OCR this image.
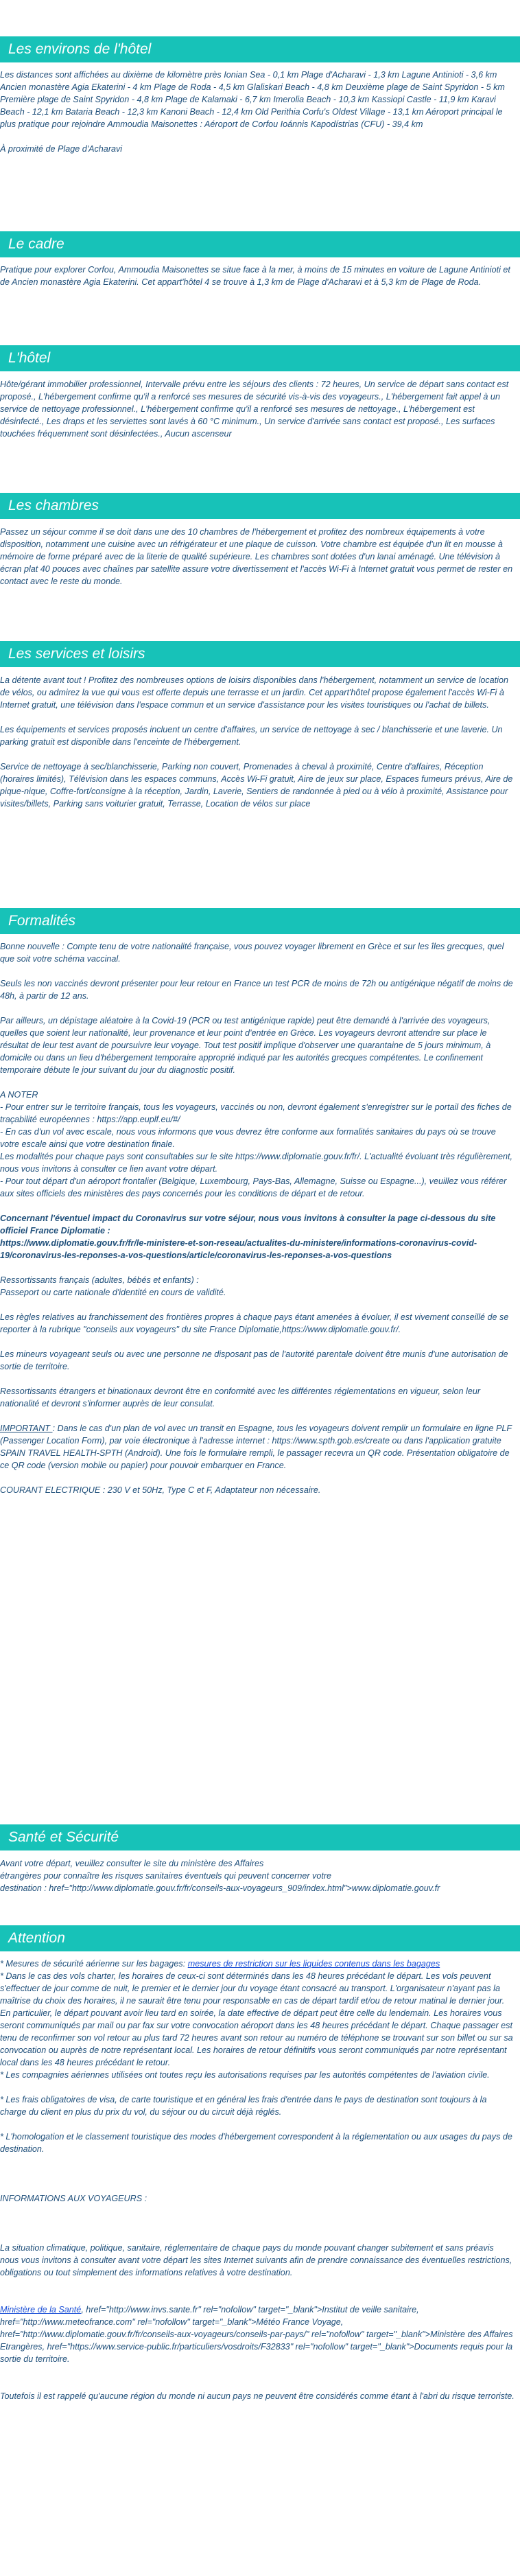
Les environs de l'hôtel

Les distances sont affichées au dixième de kilomètre près Ionian Sea - 0,1 km Plage d'Acharavi - 1,3 km Lagune Antinioti - 3,6 km Ancien monastère Agia Ekaterini - 4 km Plage de Roda - 4,5 km Glaliskari Beach - 4,8 km Deuxième plage de Saint Spyridon - 5 km Première plage de Saint Spyridon - 4,8 km Plage de Kalamaki - 6,7 km Imerolia Beach - 10,3 km Kassiopi Castle - 11,9 km Karavi Beach - 12,1 km Bataria Beach - 12,3 km Kanoni Beach - 12,4 km Old Perithia Corfu's Oldest Village - 13,1 km Aéroport principal le plus pratique pour rejoindre Ammoudia Maisonettes : Aéroport de Corfou Ioánnis Kapodístrias (CFU) - 39,4 km

À proximité de Plage d'Acharavi

Le cadre

Pratique pour explorer Corfou, Ammoudia Maisonettes se situe face à la mer, à moins de 15 minutes en voiture de Lagune Antinioti et de Ancien monastère Agia Ekaterini. Cet appart'hôtel 4 se trouve à 1,3 km de Plage d'Acharavi et à 5,3 km de Plage de Roda.

L'hôtel

Hôte/gérant immobilier professionnel, Intervalle prévu entre les séjours des clients : 72 heures, Un service de départ sans contact est proposé., L'hébergement confirme qu'il a renforcé ses mesures de sécurité vis-à-vis des voyageurs., L'hébergement fait appel à un service de nettoyage professionnel., L'hébergement confirme qu'il a renforcé ses mesures de nettoyage., L'hébergement est désinfecté., Les draps et les serviettes sont lavés à 60 °C minimum., Un service d'arrivée sans contact est proposé., Les surfaces touchées fréquemment sont désinfectées., Aucun ascenseur

Les chambres

Passez un séjour comme il se doit dans une des 10 chambres de l'hébergement et profitez des nombreux équipements à votre disposition, notamment une cuisine avec un réfrigérateur et une plaque de cuisson. Votre chambre est équipée d'un lit en mousse à mémoire de forme préparé avec de la literie de qualité supérieure. Les chambres sont dotées d'un lanai aménagé. Une télévision à écran plat 40 pouces avec chaînes par satellite assure votre divertissement et l'accès Wi-Fi à Internet gratuit vous permet de rester en contact avec le reste du monde.

Les services et loisirs

La détente avant tout ! Profitez des nombreuses options de loisirs disponibles dans l'hébergement, notamment un service de location de vélos, ou admirez la vue qui vous est offerte depuis une terrasse et un jardin. Cet appart'hôtel propose également l'accès Wi-Fi à Internet gratuit, une télévision dans l'espace commun et un service d'assistance pour les visites touristiques ou l'achat de billets.

Les équipements et services proposés incluent un centre d'affaires, un service de nettoyage à sec / blanchisserie et une laverie. Un parking gratuit est disponible dans l'enceinte de l'hébergement.

Service de nettoyage à sec/blanchisserie, Parking non couvert, Promenades à cheval à proximité, Centre d'affaires, Réception (horaires limités), Télévision dans les espaces communs, Accès Wi-Fi gratuit, Aire de jeux sur place, Espaces fumeurs prévus, Aire de pique-nique, Coffre-fort/consigne à la réception, Jardin, Laverie, Sentiers de randonnée à pied ou à vélo à proximité, Assistance pour visites/billets, Parking sans voiturier gratuit, Terrasse, Location de vélos sur place

Formalités

Bonne nouvelle : Compte tenu de votre nationalité française, vous pouvez voyager librement en Grèce et sur les îles grecques, quel que soit votre schéma vaccinal.

Seuls les non vaccinés devront présenter pour leur retour en France un test PCR de moins de 72h ou antigénique négatif de moins de 48h, à partir de 12 ans.

Par ailleurs, un dépistage aléatoire à la Covid-19 (PCR ou test antigénique rapide) peut être demandé à l'arrivée des voyageurs, quelles que soient leur nationalité, leur provenance et leur point d'entrée en Grèce. Les voyageurs devront attendre sur place le résultat de leur test avant de poursuivre leur voyage. Tout test positif implique d'observer une quarantaine de 5 jours minimum, à domicile ou dans un lieu d'hébergement temporaire approprié indiqué par les autorités grecques compétentes. Le confinement temporaire débute le jour suivant du jour du diagnostic positif.

A NOTER
- Pour entrer sur le territoire français, tous les voyageurs, vaccinés ou non, devront également s'enregistrer sur le portail des fiches de traçabilité européennes : https://app.euplf.eu/#/
- En cas d'un vol avec escale, nous vous informons que vous devrez être conforme aux formalités sanitaires du pays où se trouve votre escale ainsi que votre destination finale.
Les modalités pour chaque pays sont consultables sur le site https://www.diplomatie.gouv.fr/fr/. L'actualité évoluant très régulièrement, nous vous invitons à consulter ce lien avant votre départ.
- Pour tout départ d'un aéroport frontalier (Belgique, Luxembourg, Pays-Bas, Allemagne, Suisse ou Espagne...), veuillez vous référer aux sites officiels des ministères des pays concernés pour les conditions de départ et de retour.

Concernant l'éventuel impact du Coronavirus sur votre séjour, nous vous invitons à consulter la page ci-dessous du site officiel France Diplomatie :
https://www.diplomatie.gouv.fr/fr/le-ministere-et-son-reseau/actualites-du-ministere/informations-coronavirus-covid-19/coronavirus-les-reponses-a-vos-questions/article/coronavirus-les-reponses-a-vos-questions

Ressortissants français (adultes, bébés et enfants) :
Passeport ou carte nationale d'identité en cours de validité.

Les règles relatives au franchissement des frontières propres à chaque pays étant amenées à évoluer, il est vivement conseillé de se reporter à la rubrique "conseils aux voyageurs" du site France Diplomatie,https://www.diplomatie.gouv.fr/.

Les mineurs voyageant seuls ou avec une personne ne disposant pas de l'autorité parentale doivent être munis d'une autorisation de sortie de territoire.

Ressortissants étrangers et binationaux devront être en conformité avec les différentes réglementations en vigueur, selon leur nationalité et devront s'informer auprès de leur consulat.

IMPORTANT : Dans le cas d'un plan de vol avec un transit en Espagne, tous les voyageurs doivent remplir un formulaire en ligne PLF (Passenger Location Form), par voie électronique à l'adresse internet : https://www.spth.gob.es/create ou dans l'application gratuite SPAIN TRAVEL HEALTH-SPTH (Android). Une fois le formulaire rempli, le passager recevra un QR code. Présentation obligatoire de ce QR code (version mobile ou papier) pour pouvoir embarquer en France.

COURANT ELECTRIQUE : 230 V et 50Hz, Type C et F, Adaptateur non nécessaire.

Santé et Sécurité

Avant votre départ, veuillez consulter le site du ministère des Affaires
étrangères pour connaître les risques sanitaires éventuels qui peuvent concerner votre
destination : href="http://www.diplomatie.gouv.fr/fr/conseils-aux-voyageurs_909/index.html">www.diplomatie.gouv.fr

Attention

* Mesures de sécurité aérienne sur les bagages: mesures de restriction sur les liquides contenus dans les bagages
* Dans le cas des vols charter, les horaires de ceux-ci sont déterminés dans les 48 heures précédant le départ. Les vols peuvent s'effectuer de jour comme de nuit, le premier et le dernier jour du voyage étant consacré au transport. L'organisateur n'ayant pas la maîtrise du choix des horaires, il ne saurait être tenu pour responsable en cas de départ tardif et/ou de retour matinal le dernier jour. En particulier, le départ pouvant avoir lieu tard en soirée, la date effective de départ peut être celle du lendemain. Les horaires vous seront communiqués par mail ou par fax sur votre convocation aéroport dans les 48 heures précédant le départ. Chaque passager est tenu de reconfirmer son vol retour au plus tard 72 heures avant son retour au numéro de téléphone se trouvant sur son billet ou sur sa convocation ou auprès de notre représentant local. Les horaires de retour définitifs vous seront communiqués par notre représentant local dans les 48 heures précédant le retour.
* Les compagnies aériennes utilisées ont toutes reçu les autorisations requises par les autorités compétentes de l'aviation civile.

* Les frais obligatoires de visa, de carte touristique et en général les frais d'entrée dans le pays de destination sont toujours à la charge du client en plus du prix du vol, du séjour ou du circuit déjà réglés.

* L'homologation et le classement touristique des modes d'hébergement correspondent à la réglementation ou aux usages du pays de destination.

INFORMATIONS AUX VOYAGEURS :

La situation climatique, politique, sanitaire, réglementaire de chaque pays du monde pouvant changer subitement et sans préavis
nous vous invitons à consulter avant votre départ les sites Internet suivants afin de prendre connaissance des éventuelles restrictions, obligations ou tout simplement des informations relatives à votre destination.

Ministère de la Santé, href="http://www.invs.sante.fr" rel="nofollow" target="_blank">Institut de veille sanitaire, href="http://www.meteofrance.com" rel="nofollow" target="_blank">Météo France Voyage, href="http://www.diplomatie.gouv.fr/fr/conseils-aux-voyageurs/conseils-par-pays/" rel="nofollow" target="_blank">Ministère des Affaires Etrangères, href="https://www.service-public.fr/particuliers/vosdroits/F32833" rel="nofollow" target="_blank">Documents requis pour la sortie du territoire.

Toutefois il est rappelé qu'aucune région du monde ni aucun pays ne peuvent être considérés comme étant à l'abri du risque terroriste.
